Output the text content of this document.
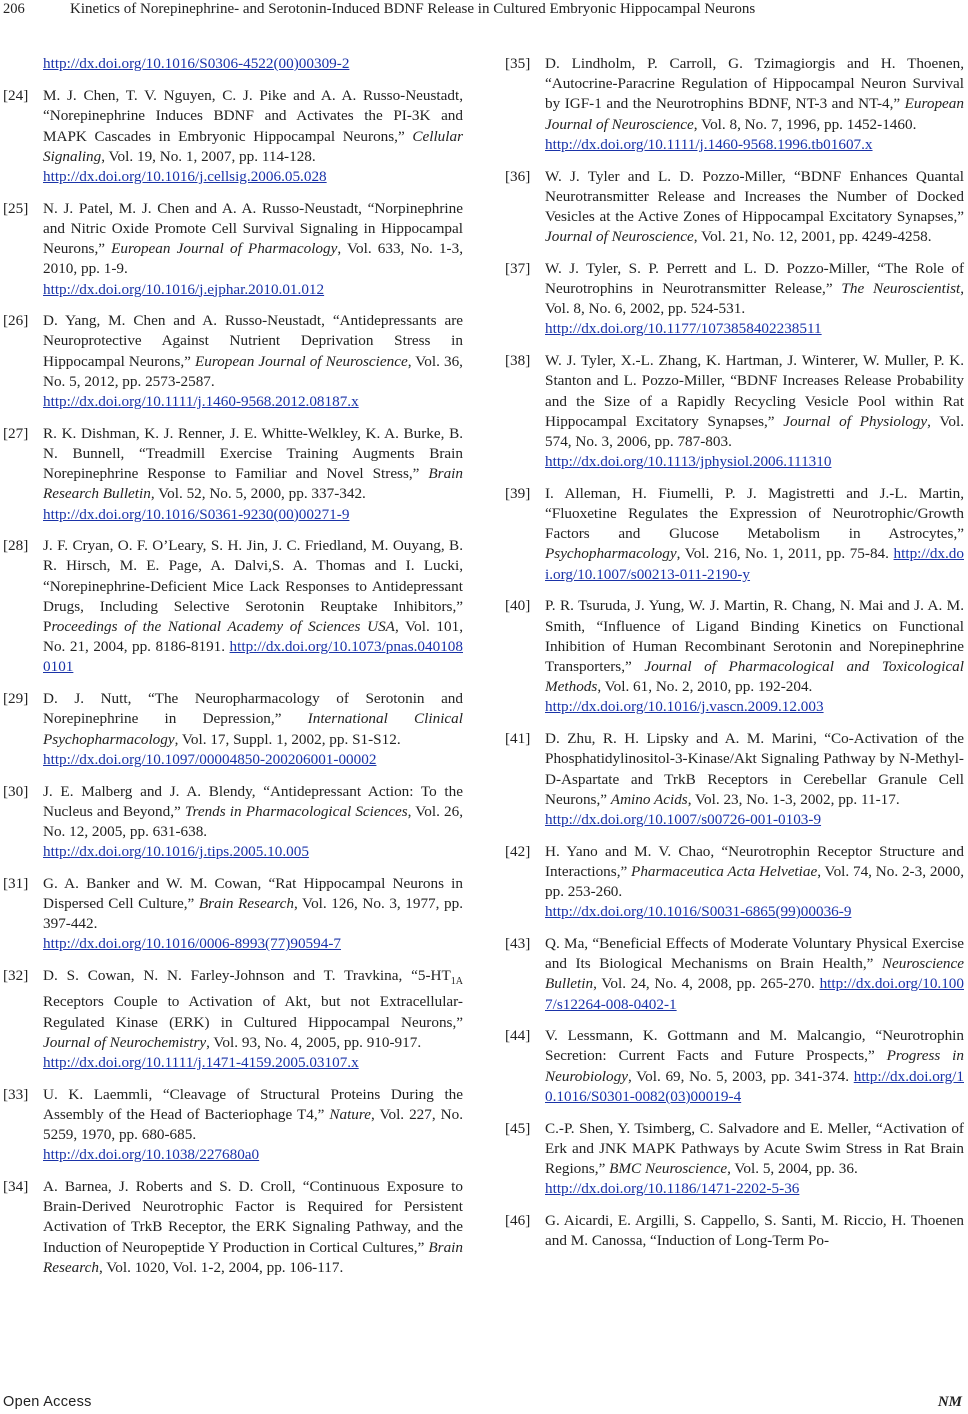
206	Kinetics of Norepinephrine- and Serotonin-Induced BDNF Release in Cultured Embryonic Hippocampal Neurons
http://dx.doi.org/10.1016/S0306-4522(00)00309-2
[24] M. J. Chen, T. V. Nguyen, C. J. Pike and A. A. Russo-Neustadt, “Norepinephrine Induces BDNF and Activates the PI-3K and MAPK Cascades in Embryonic Hippocampal Neurons,” Cellular Signaling, Vol. 19, No. 1, 2007, pp. 114-128.
http://dx.doi.org/10.1016/j.cellsig.2006.05.028
[25] N. J. Patel, M. J. Chen and A. A. Russo-Neustadt, “Norpinephrine and Nitric Oxide Promote Cell Survival Signaling in Hippocampal Neurons,” European Journal of Pharmacology, Vol. 633, No. 1-3, 2010, pp. 1-9.
http://dx.doi.org/10.1016/j.ejphar.2010.01.012
[26] D. Yang, M. Chen and A. Russo-Neustadt, “Antidepressants are Neuroprotective Against Nutrient Deprivation Stress in Hippocampal Neurons,” European Journal of Neuroscience, Vol. 36, No. 5, 2012, pp. 2573-2587.
http://dx.doi.org/10.1111/j.1460-9568.2012.08187.x
[27] R. K. Dishman, K. J. Renner, J. E. Whitte-Welkley, K. A. Burke, B. N. Bunnell, “Treadmill Exercise Training Augments Brain Norepinephrine Response to Familiar and Novel Stress,” Brain Research Bulletin, Vol. 52, No. 5, 2000, pp. 337-342.
http://dx.doi.org/10.1016/S0361-9230(00)00271-9
[28] J. F. Cryan, O. F. O’Leary, S. H. Jin, J. C. Friedland, M. Ouyang, B. R. Hirsch, M. E. Page, A. Dalvi,S. A. Thomas and I. Lucki, “Norepinephrine-Deficient Mice Lack Responses to Antidepressant Drugs, Including Selective Serotonin Reuptake Inhibitors,” Proceedings of the National Academy of Sciences USA, Vol. 101, No. 21, 2004, pp. 8186-8191. http://dx.doi.org/10.1073/pnas.0401080101
[29] D. J. Nutt, “The Neuropharmacology of Serotonin and Norepinephrine in Depression,” International Clinical Psychopharmacology, Vol. 17, Suppl. 1, 2002, pp. S1-S12.
http://dx.doi.org/10.1097/00004850-200206001-00002
[30] J. E. Malberg and J. A. Blendy, “Antidepressant Action: To the Nucleus and Beyond,” Trends in Pharmacological Sciences, Vol. 26, No. 12, 2005, pp. 631-638.
http://dx.doi.org/10.1016/j.tips.2005.10.005
[31] G. A. Banker and W. M. Cowan, “Rat Hippocampal Neurons in Dispersed Cell Culture,” Brain Research, Vol. 126, No. 3, 1977, pp. 397-442.
http://dx.doi.org/10.1016/0006-8993(77)90594-7
[32] D. S. Cowan, N. N. Farley-Johnson and T. Travkina, “$5-HT_{1A}$ Receptors Couple to Activation of Akt, but not Extracellular-Regulated Kinase (ERK) in Cultured Hippocampal Neurons,” Journal of Neurochemistry, Vol. 93, No. 4, 2005, pp. 910-917.
http://dx.doi.org/10.1111/j.1471-4159.2005.03107.x
[33] U. K. Laemmli, “Cleavage of Structural Proteins During the Assembly of the Head of Bacteriophage T4,” Nature, Vol. 227, No. 5259, 1970, pp. 680-685.
http://dx.doi.org/10.1038/227680a0
[34] A. Barnea, J. Roberts and S. D. Croll, “Continuous Exposure to Brain-Derived Neurotrophic Factor is Required for Persistent Activation of TrkB Receptor, the ERK Signaling Pathway, and the Induction of Neuropeptide Y Production in Cortical Cultures,” Brain Research, Vol. 1020, Vol. 1-2, 2004, pp. 106-117.
[35] D. Lindholm, P. Carroll, G. Tzimagiorgis and H. Thoenen, “Autocrine-Paracrine Regulation of Hippocampal Neuron Survival by IGF-1 and the Neurotrophins BDNF, NT-3 and NT-4,” European Journal of Neuroscience, Vol. 8, No. 7, 1996, pp. 1452-1460.
http://dx.doi.org/10.1111/j.1460-9568.1996.tb01607.x
[36] W. J. Tyler and L. D. Pozzo-Miller, “BDNF Enhances Quantal Neurotransmitter Release and Increases the Number of Docked Vesicles at the Active Zones of Hippocampal Excitatory Synapses,” Journal of Neuroscience, Vol. 21, No. 12, 2001, pp. 4249-4258.
[37] W. J. Tyler, S. P. Perrett and L. D. Pozzo-Miller, “The Role of Neurotrophins in Neurotransmitter Release,” The Neuroscientist, Vol. 8, No. 6, 2002, pp. 524-531.
http://dx.doi.org/10.1177/1073858402238511
[38] W. J. Tyler, X.-L. Zhang, K. Hartman, J. Winterer, W. Muller, P. K. Stanton and L. Pozzo-Miller, “BDNF Increases Release Probability and the Size of a Rapidly Recycling Vesicle Pool within Rat Hippocampal Excitatory Synapses,” Journal of Physiology, Vol. 574, No. 3, 2006, pp. 787-803.
http://dx.doi.org/10.1113/jphysiol.2006.111310
[39] I. Alleman, H. Fiumelli, P. J. Magistretti and J.-L. Martin, “Fluoxetine Regulates the Expression of Neurotrophic/Growth Factors and Glucose Metabolism in Astrocytes,” Psychopharmacology, Vol. 216, No. 1, 2011, pp. 75-84. http://dx.doi.org/10.1007/s00213-011-2190-y
[40] P. R. Tsuruda, J. Yung, W. J. Martin, R. Chang, N. Mai and J. A. M. Smith, “Influence of Ligand Binding Kinetics on Functional Inhibition of Human Recombinant Serotonin and Norepinephrine Transporters,” Journal of Pharmacological and Toxicological Methods, Vol. 61, No. 2, 2010, pp. 192-204.
http://dx.doi.org/10.1016/j.vascn.2009.12.003
[41] D. Zhu, R. H. Lipsky and A. M. Marini, “Co-Activation of the Phosphatidylinositol-3-Kinase/Akt Signaling Pathway by N-Methyl-D-Aspartate and TrkB Receptors in Cerebellar Granule Cell Neurons,” Amino Acids, Vol. 23, No. 1-3, 2002, pp. 11-17.
http://dx.doi.org/10.1007/s00726-001-0103-9
[42] H. Yano and M. V. Chao, “Neurotrophin Receptor Structure and Interactions,” Pharmaceutica Acta Helvetiae, Vol. 74, No. 2-3, 2000, pp. 253-260.
http://dx.doi.org/10.1016/S0031-6865(99)00036-9
[43] Q. Ma, “Beneficial Effects of Moderate Voluntary Physical Exercise and Its Biological Mechanisms on Brain Health,” Neuroscience Bulletin, Vol. 24, No. 4, 2008, pp. 265-270. http://dx.doi.org/10.1007/s12264-008-0402-1
[44] V. Lessmann, K. Gottmann and M. Malcangio, “Neurotrophin Secretion: Current Facts and Future Prospects,” Progress in Neurobiology, Vol. 69, No. 5, 2003, pp. 341-374. http://dx.doi.org/10.1016/S0301-0082(03)00019-4
[45] C.-P. Shen, Y. Tsimberg, C. Salvadore and E. Meller, “Activation of Erk and JNK MAPK Pathways by Acute Swim Stress in Rat Brain Regions,” BMC Neuroscience, Vol. 5, 2004, pp. 36.
http://dx.doi.org/10.1186/1471-2202-5-36
[46] G. Aicardi, E. Argilli, S. Cappello, S. Santi, M. Riccio, H. Thoenen and M. Canossa, “Induction of Long-Term Po-
Open Access	NM
